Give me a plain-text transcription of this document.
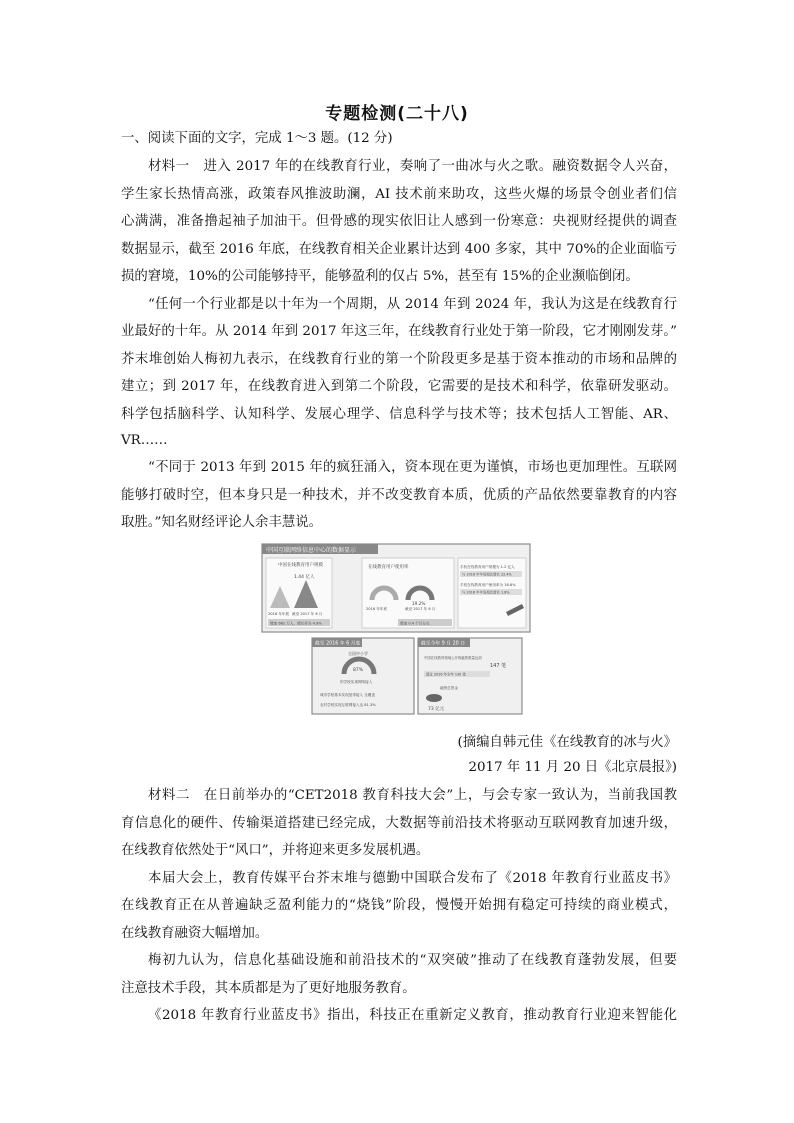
专题检测(二十八)
一、阅读下面的文字，完成 1～3 题。(12 分)
材料一　进入 2017 年的在线教育行业，奏响了一曲冰与火之歌。融资数据令人兴奋，
学生家长热情高涨，政策春风推波助澜，AI 技术前来助攻，这些火爆的场景令创业者们信
心满满，准备撸起袖子加油干。但骨感的现实依旧让人感到一份寒意：央视财经提供的调查
数据显示，截至 2016 年底，在线教育相关企业累计达到 400 多家，其中 70%的企业面临亏
损的窘境，10%的公司能够持平，能够盈利的仅占 5%，甚至有 15%的企业濒临倒闭。
“任何一个行业都是以十年为一个周期，从 2014 年到 2024 年，我认为这是在线教育行
业最好的十年。从 2014 年到 2017 年这三年，在线教育行业处于第一阶段，它才刚刚发芽。”
芥末堆创始人梅初九表示，在线教育行业的第一个阶段更多是基于资本推动的市场和品牌的
建立；到 2017 年，在线教育进入到第二个阶段，它需要的是技术和科学，依靠研发驱动。
科学包括脑科学、认知科学、发展心理学、信息科学与技术等；技术包括人工智能、AR、
VR……
“不同于 2013 年到 2015 年的疯狂涌入，资本现在更为谨慎，市场也更加理性。互联网
能够打破时空，但本身只是一种技术，并不改变教育本质，优质的产品依然要靠教育的内容
取胜。”知名财经评论人余丰慧说。
中国互联网络信息中心的数据显示
中国在线教育用户规模
1.44 亿人
2016 年年底 截至 2017 年 6 月
增加 662 万人，增长率为 4.9%
在线教育用户使用率
2016 年年底	截至 2017 年 6 月
19.2%
增加 0.4 个百分点
手机在线教育用户规模为 1.2 亿人
与 2016 年年底相比增长 22.4%
手机在线教育用户使用率为 16.6%
与 2016 年年底相比增长 1.8%
截至 2016 年 6 月底
全国中小学
87%
的学校实现网络接入
城市学校基本实现宽带接入 全覆盖
农村学校实现互联网接入达 81.3%
截至今年 9 月 20 日
中国在线教育领域公开的融资数量达到
147 笔
超过 2016 年全年 130 笔
融资总资金
73 亿元
(摘编自韩元佳《在线教育的冰与火》
2017 年 11 月 20 日《北京晨报》)
材料二　在日前举办的“CET2018 教育科技大会”上，与会专家一致认为，当前我国教
育信息化的硬件、传输渠道搭建已经完成，大数据等前沿技术将驱动互联网教育加速升级，
在线教育依然处于“风口”，并将迎来更多发展机遇。
本届大会上，教育传媒平台芥末堆与德勤中国联合发布了《2018 年教育行业蓝皮书》
在线教育正在从普遍缺乏盈利能力的“烧钱”阶段，慢慢开始拥有稳定可持续的商业模式，
在线教育融资大幅增加。
梅初九认为，信息化基础设施和前沿技术的“双突破”推动了在线教育蓬勃发展，但要
注意技术手段，其本质都是为了更好地服务教育。
《2018 年教育行业蓝皮书》指出，科技正在重新定义教育，推动教育行业迎来智能化
